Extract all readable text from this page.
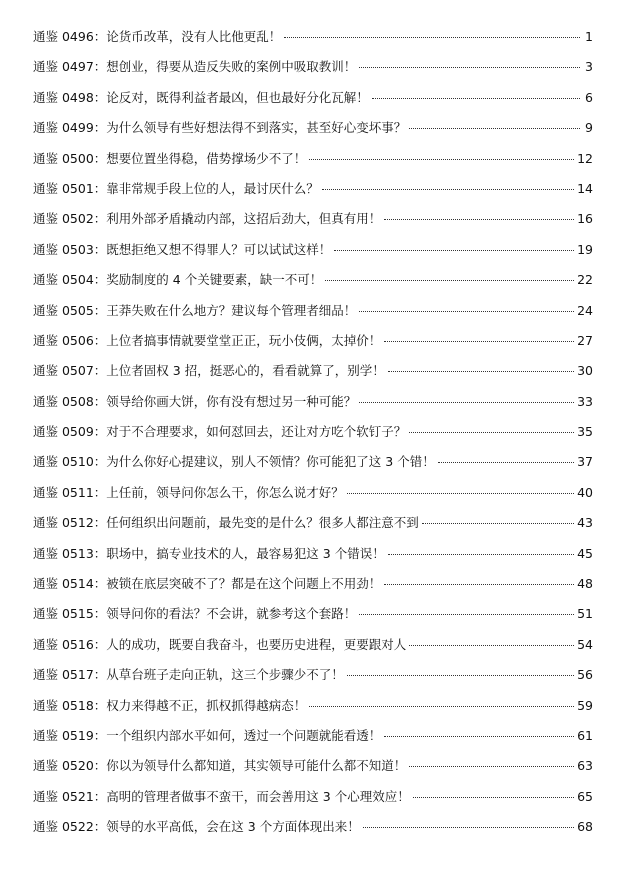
通鉴 0496： 论货币改革，没有人比他更乱！	1
通鉴 0497： 想创业，得要从造反失败的案例中吸取教训！	3
通鉴 0498： 论反对，既得利益者最凶，但也最好分化瓦解！	6
通鉴 0499： 为什么领导有些好想法得不到落实，甚至好心变坏事？	9
通鉴 0500： 想要位置坐得稳，借势撑场少不了！	12
通鉴 0501： 靠非常规手段上位的人，最讨厌什么？	14
通鉴 0502： 利用外部矛盾撬动内部，这招后劲大，但真有用！	16
通鉴 0503： 既想拒绝又想不得罪人？可以试试这样！	19
通鉴 0504： 奖励制度的 4 个关键要素，缺一不可！	22
通鉴 0505： 王莽失败在什么地方？建议每个管理者细品！	24
通鉴 0506： 上位者搞事情就要堂堂正正，玩小伎俩，太掉价！	27
通鉴 0507： 上位者固权 3 招，挺恶心的，看看就算了，别学！	30
通鉴 0508： 领导给你画大饼，你有没有想过另一种可能？	33
通鉴 0509： 对于不合理要求，如何怼回去，还让对方吃个软钉子？	35
通鉴 0510： 为什么你好心提建议，别人不领情？你可能犯了这 3 个错！	37
通鉴 0511： 上任前，领导问你怎么干，你怎么说才好？	40
通鉴 0512： 任何组织出问题前，最先变的是什么？很多人都注意不到	43
通鉴 0513： 职场中，搞专业技术的人，最容易犯这 3 个错误！	45
通鉴 0514： 被锁在底层突破不了？都是在这个问题上不用劲！	48
通鉴 0515： 领导问你的看法？不会讲，就参考这个套路！	51
通鉴 0516： 人的成功，既要自我奋斗，也要历史进程，更要跟对人	54
通鉴 0517： 从草台班子走向正轨，这三个步骤少不了！	56
通鉴 0518： 权力来得越不正，抓权抓得越病态！	59
通鉴 0519： 一个组织内部水平如何，透过一个问题就能看透！	61
通鉴 0520： 你以为领导什么都知道，其实领导可能什么都不知道！	63
通鉴 0521： 高明的管理者做事不蛮干，而会善用这 3 个心理效应！	65
通鉴 0522： 领导的水平高低，会在这 3 个方面体现出来！	68
